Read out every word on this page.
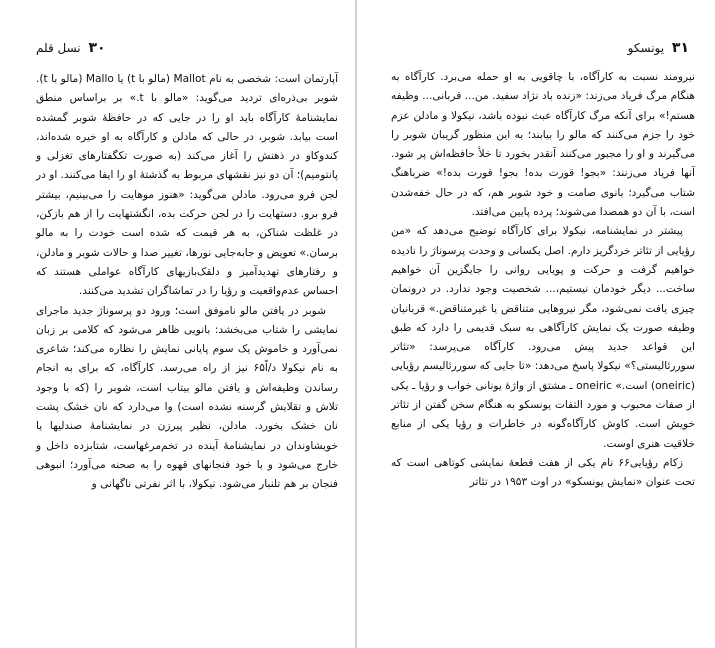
۳۰ نسل قلم

آپارتمان است: شخصی به نام Mallot (مالو با t) یا Mallo (مالو با t). شوبر بی‌ذره‌ای تردید می‌گوید: «مالو با t.» بر براساس منطق نمایشنامهٔ کارآگاه باید او را در جایی که در حافظهٔ شوبر گمشده است بیابد. شوبر، در حالی که مادلن و کارآگاه به او خیره شده‌اند، کندوکاو در ذهنش را آغاز می‌کند (به صورت تکگفتارهای تغزلی و پانتومیم)؛ آن دو نیز نقشهای مربوط به گذشتهٔ او را ایفا می‌کنند. او در لجن فرو می‌رود. مادلن می‌گوید: «هنوز موهایت را می‌بینیم، بیشتر فرو برو. دستهایت را در لجن حرکت بده، انگشتهایت را از هم بازکن، در غلظت شناکن، به هر قیمت که شده است خودت را به مالو برسان.» تعویض و جابه‌جایی نورها، تغییر صدا و حالات شوبر و مادلن، و رفتارهای تهدیدآمیز و دلقک‌بازیهای کارآگاه عواملی هستند که احساس عدم‌واقعیت و رؤیا را در تماشاگران تشدید می‌کنند.

شوبر در یافتن مالو ناموفق است؛ ورود دو پرسوناژ جدید ماجرای نمایشی را شتاب می‌بخشد: بانویی ظاهر می‌شود که کلامی بر زبان نمی‌آورد و خاموش یک سوم پایانی نمایش را نظاره می‌کند؛ شاعری به نام نیکولا د/اً۶۵ نیز از راه می‌رسد. کارآگاه، که برای به انجام رساندن وظیفه‌اش و یافتن مالو بیتاب است، شوبر را (که با وجود تلاش و تقلایش گرسنه نشده است) وا می‌دارد که نان خشک پشت نان خشک بخورد. مادلن، نظیر پیرزن در نمایشنامهٔ صندلیها یا خویشاوندان در نمایشنامهٔ آینده در تخم‌مرغهاست، شتابزده داخل و خارج می‌شود و با خود فنجانهای قهوه را به صحنه می‌آورد؛ انبوهی فنجان بر هم تلنبار می‌شود. نیکولا، با اثر نفرتی ناگهانی و

۳۱ یونسکو

نیرومند نسبت به کارآگاه، با چاقویی به او حمله می‌برد. کارآگاه به هنگام مرگ فریاد می‌زند: «زنده باد نژاد سفید. من... قربانی... وظیفه هستم!» برای آنکه مرگ کارآگاه عبث نبوده باشد، نیکولا و مادلن عزم خود را جزم می‌کنند که مالو را بیابند؛ به این منظور گریبان شوبر را می‌گیرند و او را مجبور می‌کنند آنقدر بخورد تا خلأ حافظه‌اش پر شود. آنها فریاد می‌زنند: «بجو! قورت بده! بجو! قورت بده!» ضرباهنگ شتاب می‌گیرد؛ بانوی صامت و خود شوبر هم، که در حال خفه‌شدن است، با آن دو همصدا می‌شوند؛ پرده پایین می‌افتد.

پیشتر در نمایشنامه، نیکولا برای کارآگاه توضیح می‌دهد که «من رؤیایی از تئاتر خردگریز دارم. اصل یکسانی و وحدت پرسوناژ را نادیده خواهیم گرفت و حرکت و پویایی روانی را جایگزین آن خواهیم ساخت... دیگر خودمان نیستیم،... شخصیت وجود ندارد. در درونمان چیزی یافت نمی‌شود، مگر نیروهایی متناقض یا غیرمتناقض.» قربانیان وظیفه صورت یک نمایش کارآگاهی به سبک قدیمی را دارد که طبق این قواعد جدید پیش می‌رود. کارآگاه می‌پرسد: «تئاتر سوررئالیستی؟» نیکولا پاسخ می‌دهد: «تا جایی که سوررئالیسم رؤیایی (oneiric) است.» oneiric ـ مشتق از واژهٔ یونانی خواب و رؤیا ـ یکی از صفات محبوب و مورد التفات یونسکو به هنگام سخن گفتن از تئاتر خویش است. کاوش کارآگاه‌گونه در خاطرات و رؤیا یکی از منابع خلاقیت هنری اوست.

زکام رؤیایی۶۶ نام یکی از هفت قطعهٔ نمایشی کوتاهی است که تحت عنوان «نمایش یونسکو» در اوت ۱۹۵۳ در تئاتر
